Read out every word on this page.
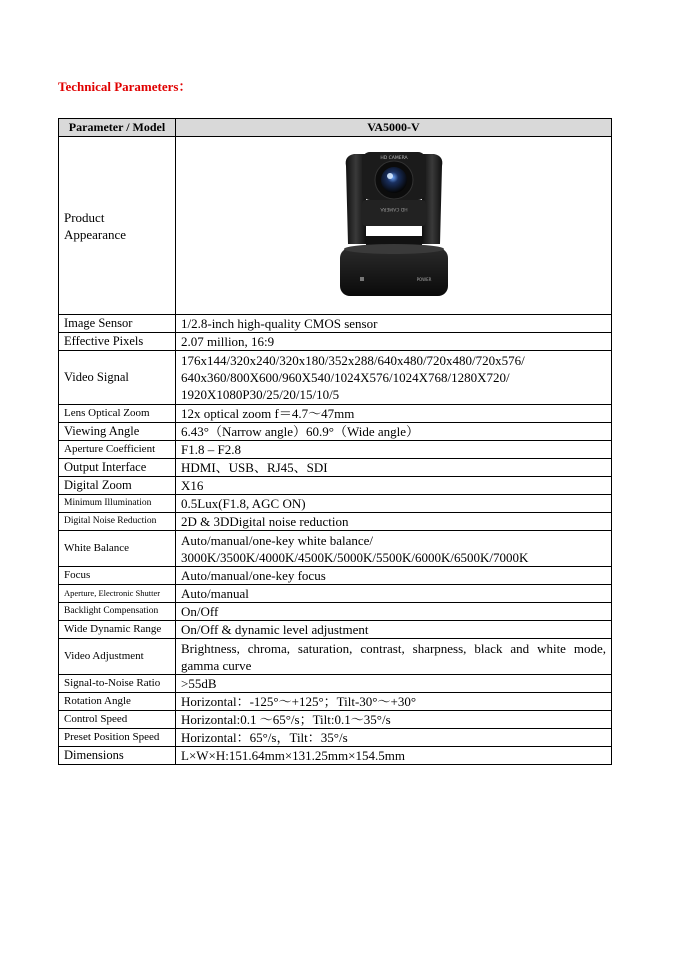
Technical Parameters：
Parameter / Model	VA5000-V
Product Appearance	HD CAMERA
HD CAMERA
POWER

Image Sensor	1/2.8-inch high-quality CMOS sensor
Effective Pixels	2.07 million, 16:9
Video Signal	176x144/320x240/320x180/352x288/640x480/720x480/720x576/
640x360/800X600/960X540/1024X576/1024X768/1280X720/
1920X1080P30/25/20/15/10/5

Lens Optical Zoom	12x optical zoom f＝4.7～47mm
Viewing Angle	6.43°（Narrow angle）60.9°（Wide angle）
Aperture Coefficient	F1.8 – F2.8
Output Interface	HDMI、USB、RJ45、SDI
Digital Zoom	X16
Minimum Illumination	0.5Lux(F1.8, AGC ON)
Digital Noise Reduction	2D & 3DDigital noise reduction
White Balance	Auto/manual/one-key white balance/
3000K/3500K/4000K/4500K/5000K/5500K/6000K/6500K/7000K

Focus	Auto/manual/one-key focus
Aperture, Electronic Shutter	Auto/manual
Backlight Compensation	On/Off
Wide Dynamic Range	On/Off & dynamic level adjustment
Video Adjustment	Brightness, chroma, saturation, contrast, sharpness, black and white mode, gamma curve
Signal-to-Noise Ratio	>55dB
Rotation Angle	Horizontal：-125°～+125°；Tilt-30°～+30°
Control Speed	Horizontal:0.1 ～65°/s；Tilt:0.1～35°/s
Preset Position Speed	Horizontal：65°/s，Tilt：35°/s
Dimensions	L×W×H:151.64mm×131.25mm×154.5mm
